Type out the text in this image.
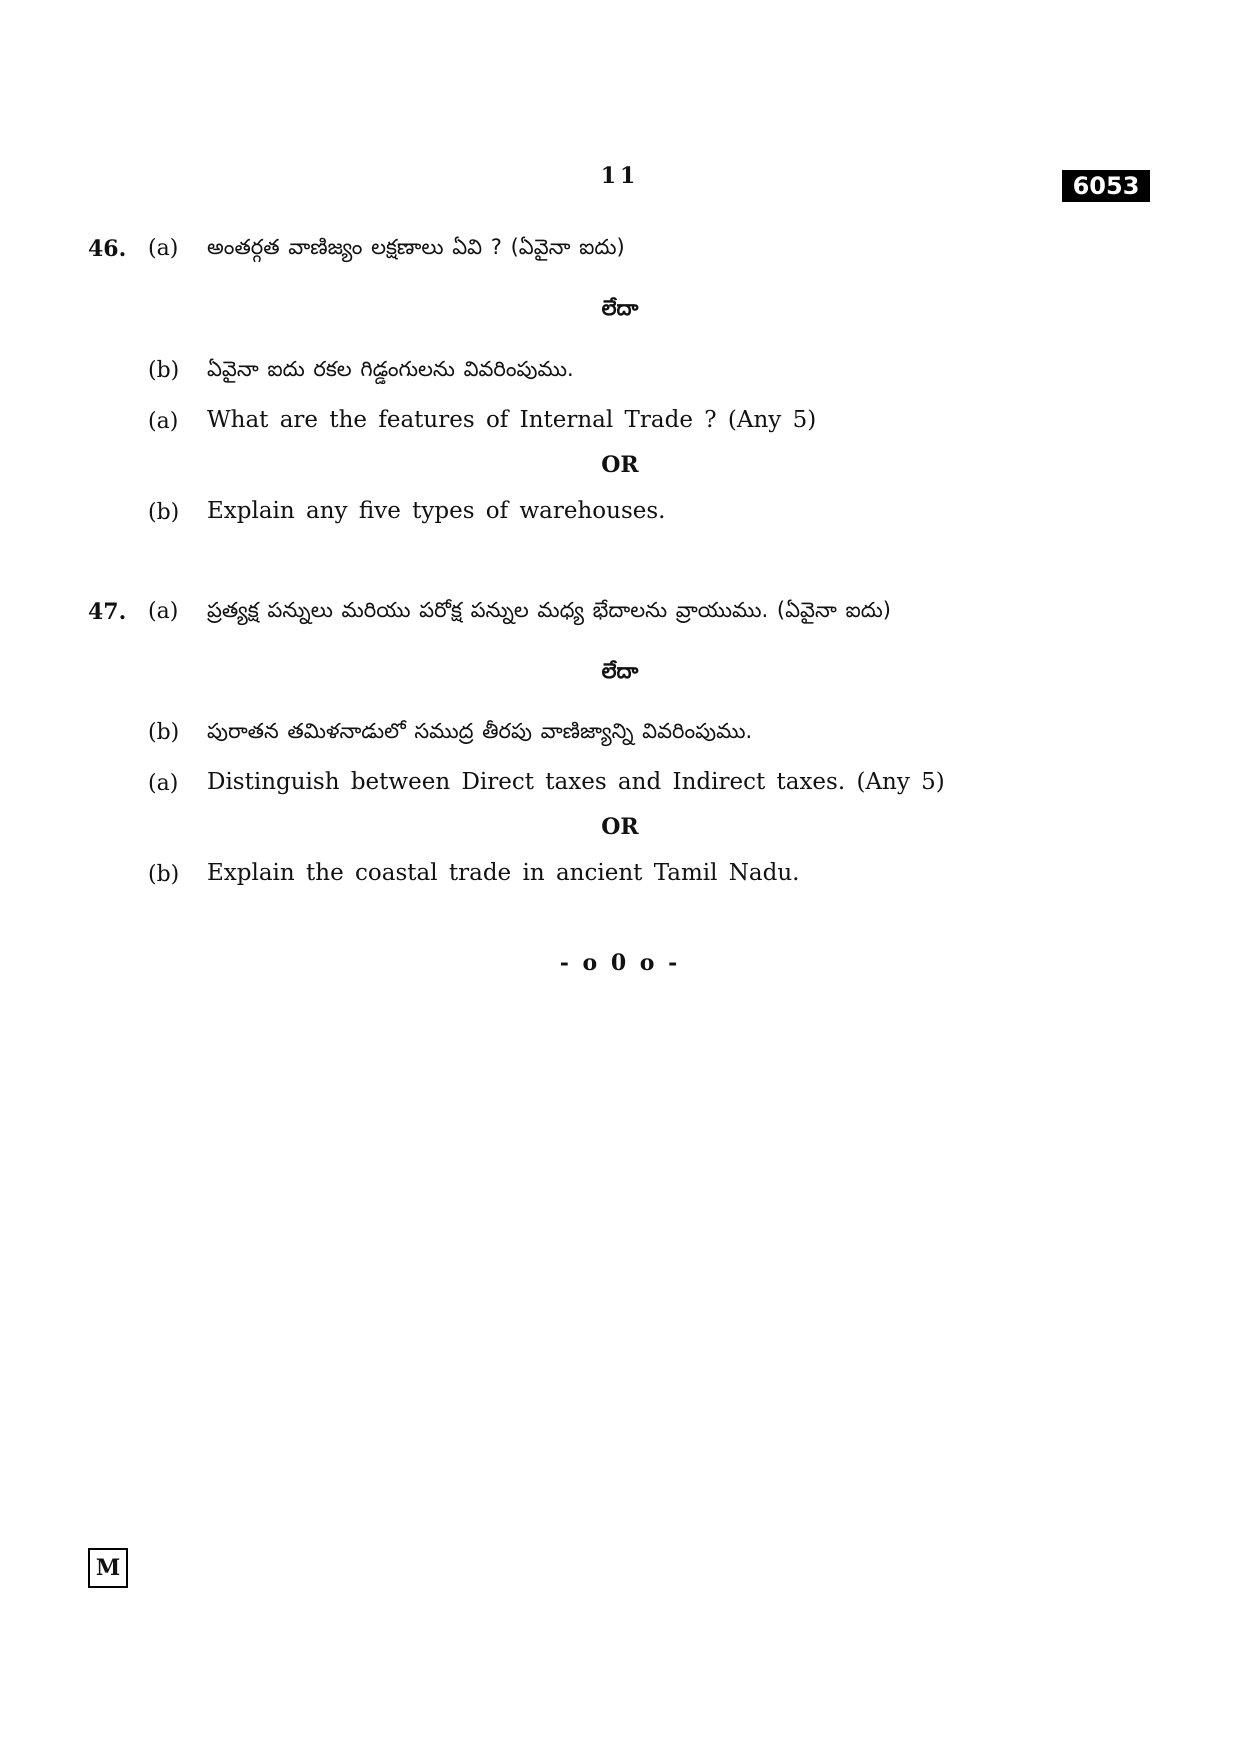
11	6053
46. (a) అంతర్గత వాణిజ్యం లక్షణాలు ఏవి ? (ఏవైనా ఐదు)
లేదా
(b) ఏవైనా ఐదు రకల గిడ్డంగులను వివరింపుము.
(a) What are the features of Internal Trade ? (Any 5)
OR
(b) Explain any five types of warehouses.
47. (a) ప్రత్యక్ష పన్నులు మరియు పరోక్ష పన్నుల మధ్య భేదాలను వ్రాయుము. (ఏవైనా ఐదు)
లేదా
(b) పురాతన తమిళనాడులో సముద్ర తీరపు వాణిజ్యాన్ని వివరింపుము.
(a) Distinguish between Direct taxes and Indirect taxes. (Any 5)
OR
(b) Explain the coastal trade in ancient Tamil Nadu.
- o 0 o -
M
